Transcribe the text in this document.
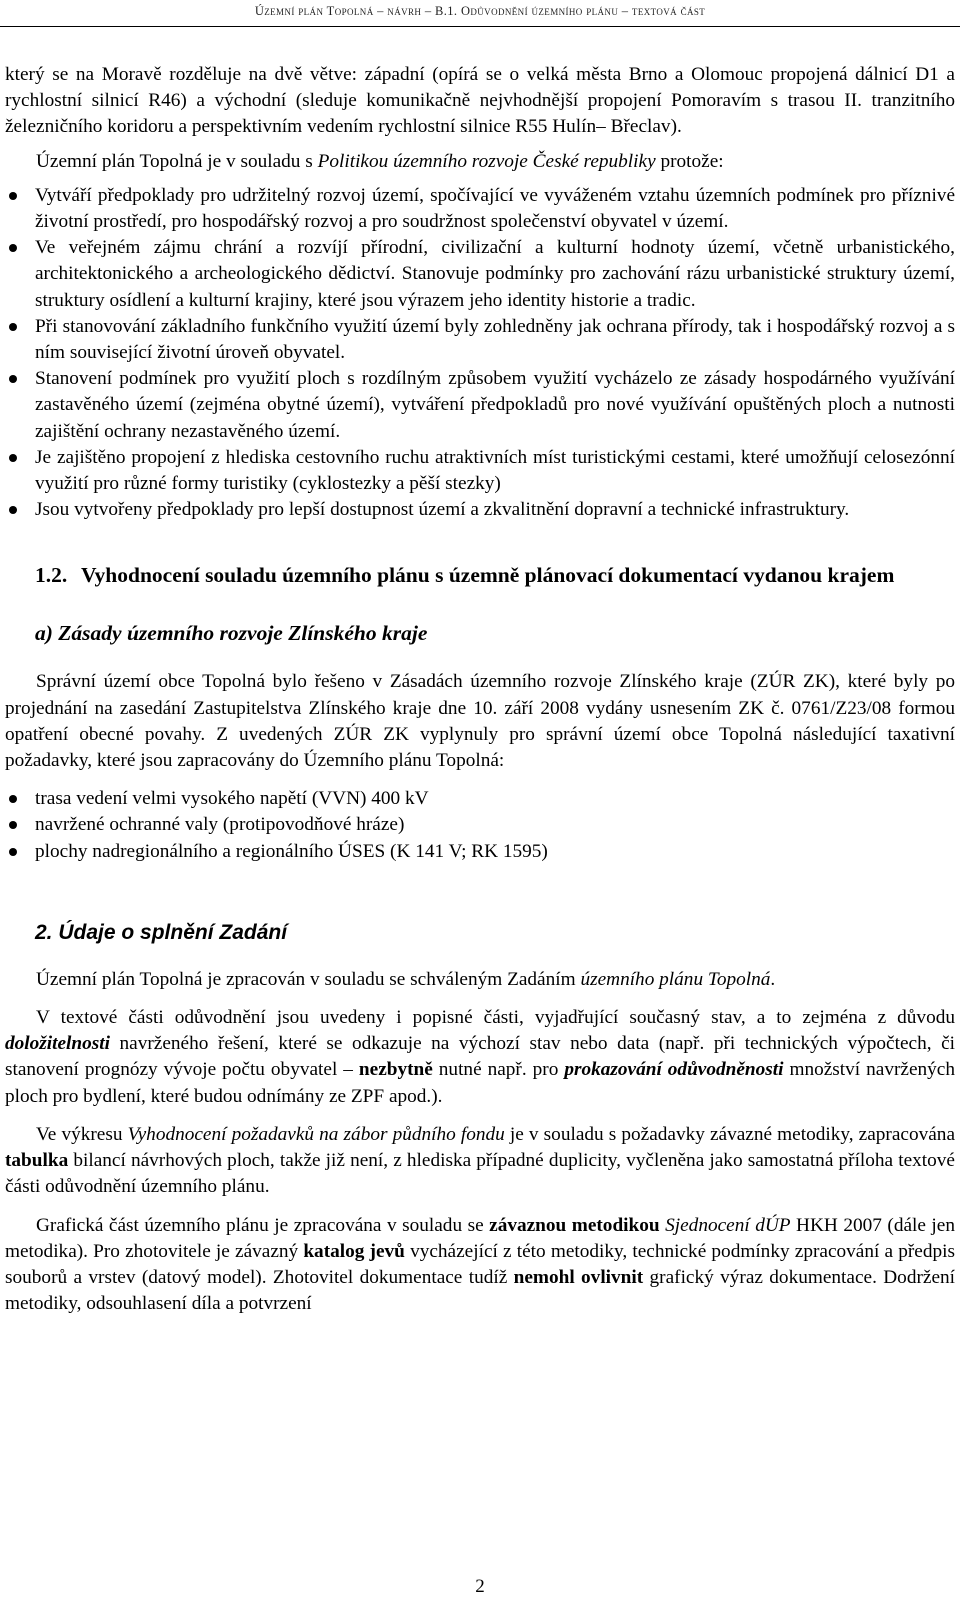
Územní plán Topolná – návrh – B.1. Odůvodnění územního plánu – textová část

který se na Moravě rozděluje na dvě větve: západní (opírá se o velká města Brno a Olomouc propojená dálnicí D1 a rychlostní silnicí R46) a východní (sleduje komunikačně nejvhodnější propojení Pomoravím s trasou II. tranzitního železničního koridoru a perspektivním vedením rychlostní silnice R55 Hulín– Břeclav).

Územní plán Topolná je v souladu s Politikou územního rozvoje České republiky protože:

Vytváří předpoklady pro udržitelný rozvoj území, spočívající ve vyváženém vztahu územních podmínek pro příznivé životní prostředí, pro hospodářský rozvoj a pro soudržnost společenství obyvatel v území.
Ve veřejném zájmu chrání a rozvíjí přírodní, civilizační a kulturní hodnoty území, včetně urbanistického, architektonického a archeologického dědictví. Stanovuje podmínky pro zachování rázu urbanistické struktury území, struktury osídlení a kulturní krajiny, které jsou výrazem jeho identity historie a tradic.
Při stanovování základního funkčního využití území byly zohledněny jak ochrana přírody, tak i hospodářský rozvoj a s ním související životní úroveň obyvatel.
Stanovení podmínek pro využití ploch s rozdílným způsobem využití vycházelo ze zásady hospodárného využívání zastavěného území (zejména obytné území), vytváření předpokladů pro nové využívání opuštěných ploch a nutnosti zajištění ochrany nezastavěného území.
Je zajištěno propojení z hlediska cestovního ruchu atraktivních míst turistickými cestami, které umožňují celosezónní využití pro různé formy turistiky (cyklostezky a pěší stezky)
Jsou vytvořeny předpoklady pro lepší dostupnost území a zkvalitnění dopravní a technické infrastruktury.
1.2. Vyhodnocení souladu územního plánu s územně plánovací dokumentací vydanou krajem
a) Zásady územního rozvoje Zlínského kraje

Správní území obce Topolná bylo řešeno v Zásadách územního rozvoje Zlínského kraje (ZÚR ZK), které byly po projednání na zasedání Zastupitelstva Zlínského kraje dne 10. září 2008 vydány usnesením ZK č. 0761/Z23/08 formou opatření obecné povahy. Z uvedených ZÚR ZK vyplynuly pro správní území obce Topolná následující taxativní požadavky, které jsou zapracovány do Územního plánu Topolná:

trasa vedení velmi vysokého napětí (VVN) 400 kV
navržené ochranné valy (protipovodňové hráze)
plochy nadregionálního a regionálního ÚSES (K 141 V; RK 1595)
2. Údaje o splnění Zadání

Územní plán Topolná je zpracován v souladu se schváleným Zadáním územního plánu Topolná.

V textové části odůvodnění jsou uvedeny i popisné části, vyjadřující současný stav, a to zejména z důvodu doložitelnosti navrženého řešení, které se odkazuje na výchozí stav nebo data (např. při technických výpočtech, či stanovení prognózy vývoje počtu obyvatel – nezbytně nutné např. pro prokazování odůvodněnosti množství navržených ploch pro bydlení, které budou odnímány ze ZPF apod.).

Ve výkresu Vyhodnocení požadavků na zábor půdního fondu je v souladu s požadavky závazné metodiky, zapracována tabulka bilancí návrhových ploch, takže již není, z hlediska případné duplicity, vyčleněna jako samostatná příloha textové části odůvodnění územního plánu.

Grafická část územního plánu je zpracována v souladu se závaznou metodikou Sjednocení dÚP HKH 2007 (dále jen metodika). Pro zhotovitele je závazný katalog jevů vycházející z této metodiky, technické podmínky zpracování a předpis souborů a vrstev (datový model). Zhotovitel dokumentace tudíž nemohl ovlivnit grafický výraz dokumentace. Dodržení metodiky, odsouhlasení díla a potvrzení

2
